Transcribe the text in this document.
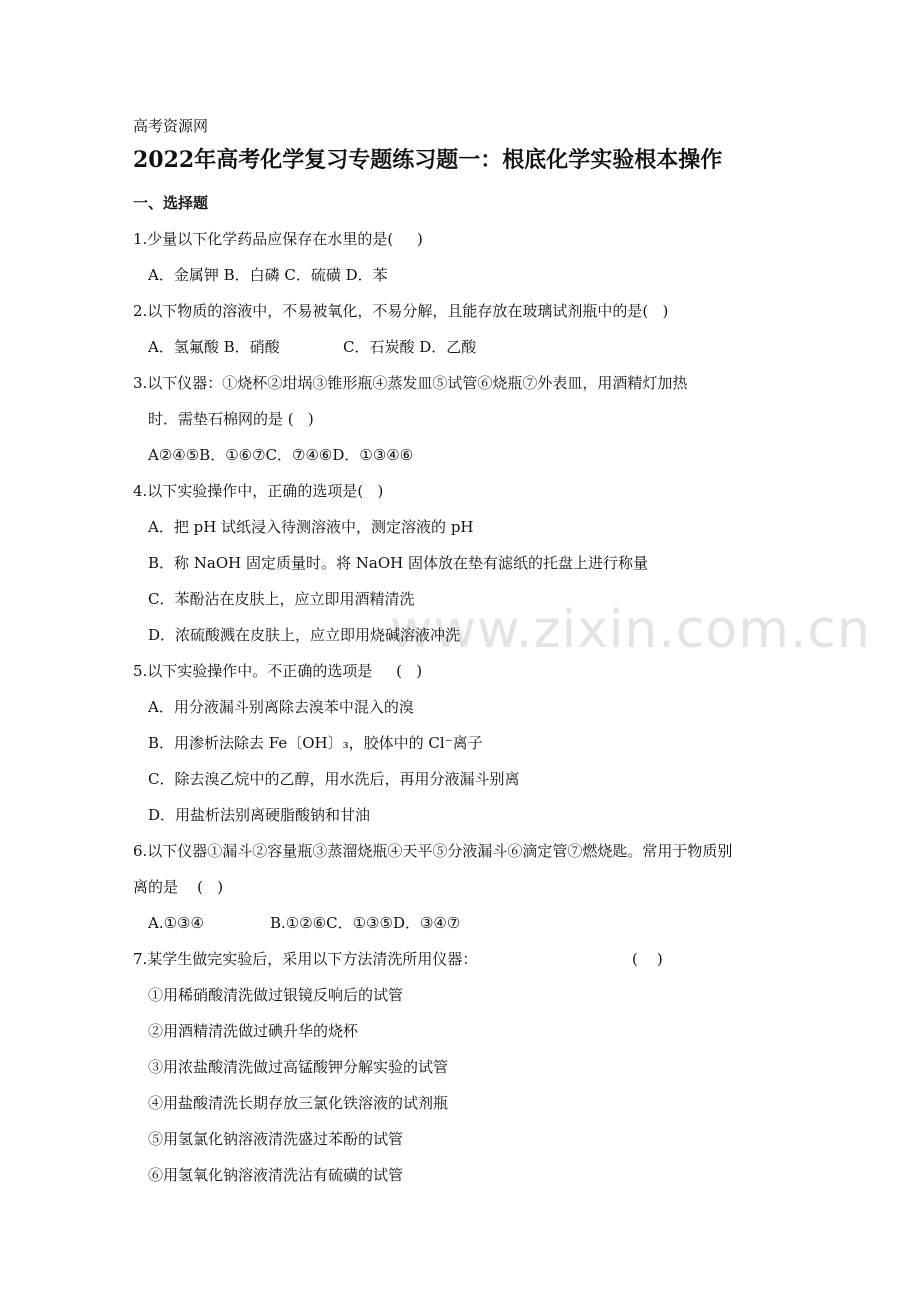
www.zixin.com.cn
高考资源网
2022年高考化学复习专题练习题一：根底化学实验根本操作
一、选择题
1.少量以下化学药品应保存在水里的是(     )
A．金属钾 B．白磷 C．硫磺 D．苯
2.以下物质的溶液中，不易被氧化，不易分解，且能存放在玻璃试剂瓶中的是(   )
A．氢氟酸 B．硝酸	C．石炭酸 D．乙酸
3.以下仪器：①烧杯②坩埚③锥形瓶④蒸发皿⑤试管⑥烧瓶⑦外表皿，用酒精灯加热
时．需垫石棉网的是 (   )
A②④⑤B．①⑥⑦C．⑦④⑥D．①③④⑥
4.以下实验操作中，正确的选项是(   )
A．把 pH 试纸浸入待测溶液中，测定溶液的 pH
B．称 NaOH 固定质量时。将 NaOH 固体放在垫有滤纸的托盘上进行称量
C．苯酚沾在皮肤上，应立即用酒精清洗
D．浓硫酸溅在皮肤上，应立即用烧碱溶液冲洗
5.以下实验操作中。不正确的选项是     (   )
A．用分液漏斗别离除去溴苯中混入的溴
B．用渗析法除去 Fe〔OH〕₃，胶体中的 Cl⁻离子
C．除去溴乙烷中的乙醇，用水洗后，再用分液漏斗别离
D．用盐析法别离硬脂酸钠和甘油
6.以下仪器①漏斗②容量瓶③蒸溜烧瓶④天平⑤分液漏斗⑥滴定管⑦燃烧匙。常用于物质别
离的是    (   )
A.①③④	B.①②⑥C．①③⑤D．③④⑦
7.某学生做完实验后，采用以下方法清洗所用仪器：	(    )
①用稀硝酸清洗做过银镜反响后的试管
②用酒精清洗做过碘升华的烧杯
③用浓盐酸清洗做过高锰酸钾分解实验的试管
④用盐酸清洗长期存放三氯化铁溶液的试剂瓶
⑤用氢氯化钠溶液清洗盛过苯酚的试管
⑥用氢氧化钠溶液清洗沾有硫磺的试管
